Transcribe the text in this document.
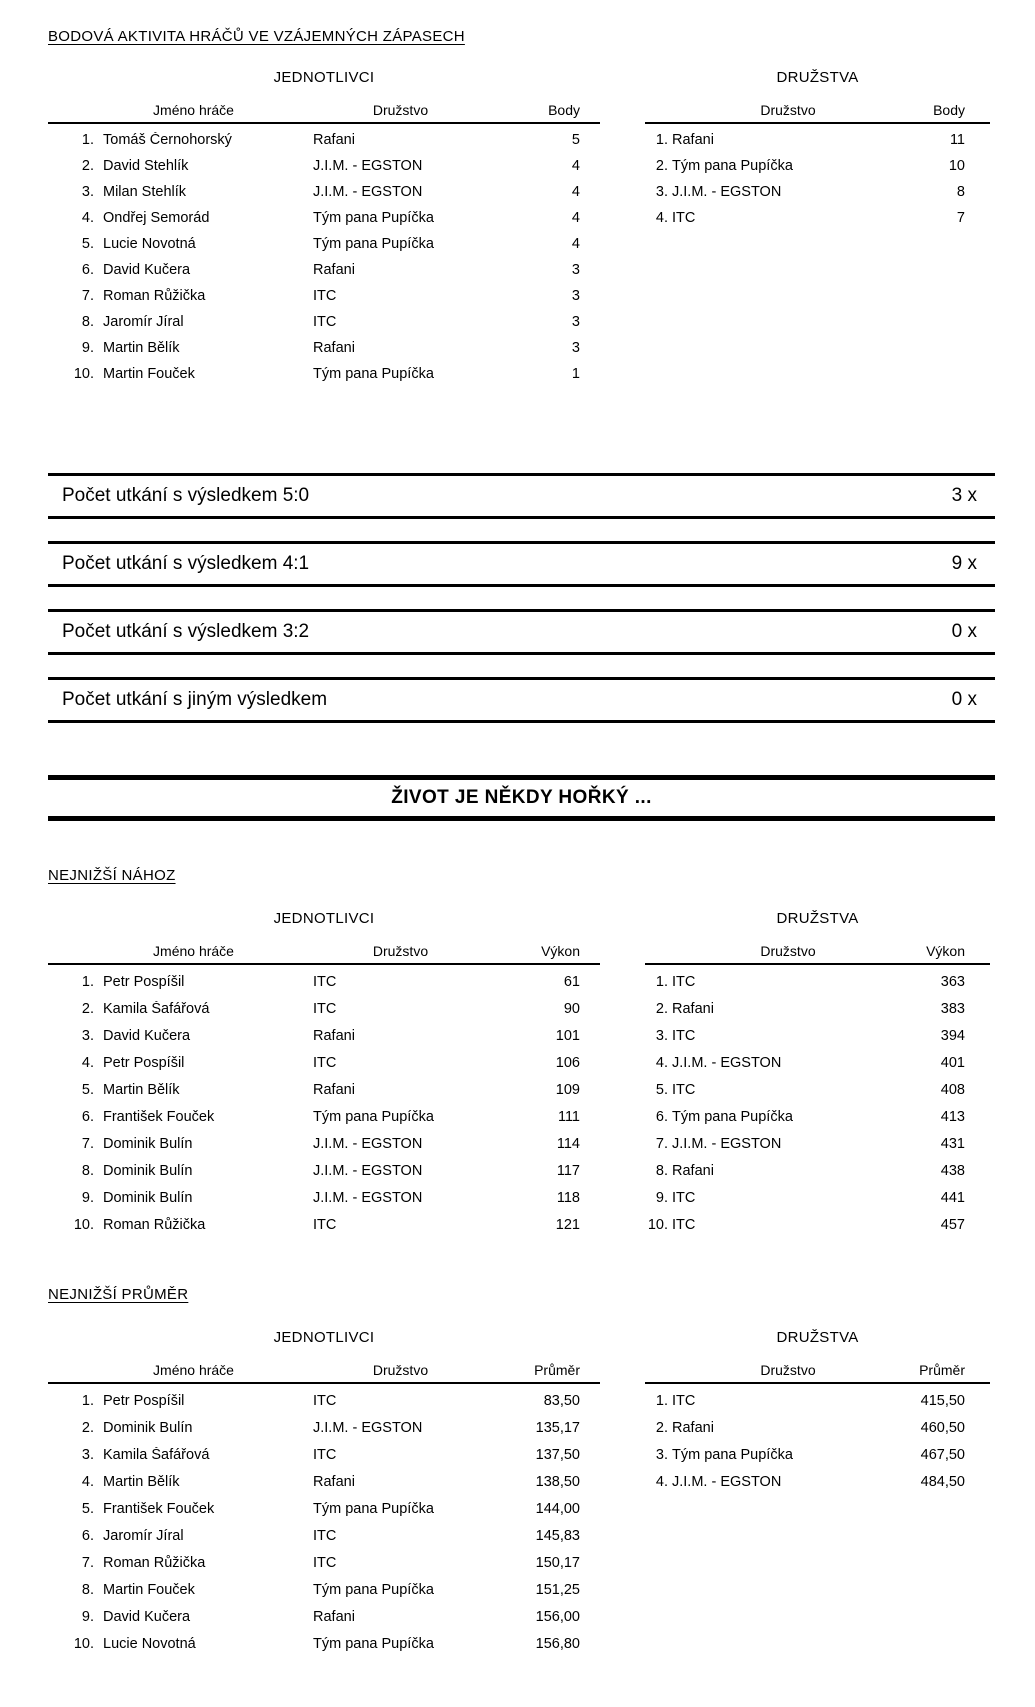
BODOVÁ AKTIVITA HRÁČŮ VE VZÁJEMNÝCH ZÁPASECH
JEDNOTLIVCI
Jméno hráče	Družstvo	Body
1. Tomáš Černohorský	Rafani	5
2. David Stehlík	J.I.M. - EGSTON	4
3. Milan Stehlík	J.I.M. - EGSTON	4
4. Ondřej Semorád	Tým pana Pupíčka	4
5. Lucie Novotná	Tým pana Pupíčka	4
6. David Kučera	Rafani	3
7. Roman Růžička	ITC	3
8. Jaromír Jíral	ITC	3
9. Martin Bělík	Rafani	3
10. Martin Fouček	Tým pana Pupíčka	1
DRUŽSTVA
Družstvo	Body
1. Rafani	11
2. Tým pana Pupíčka	10
3. J.I.M. - EGSTON	8
4. ITC	7
Počet utkání s výsledkem 5:0	3 x
Počet utkání s výsledkem 4:1	9 x
Počet utkání s výsledkem 3:2	0 x
Počet utkání s jiným výsledkem	0 x
ŽIVOT JE NĚKDY HOŘKÝ ...
NEJNIŽŠÍ NÁHOZ
JEDNOTLIVCI
Jméno hráče	Družstvo	Výkon
1. Petr Pospíšil	ITC	61
2. Kamila Šafářová	ITC	90
3. David Kučera	Rafani	101
4. Petr Pospíšil	ITC	106
5. Martin Bělík	Rafani	109
6. František Fouček	Tým pana Pupíčka	111
7. Dominik Bulín	J.I.M. - EGSTON	114
8. Dominik Bulín	J.I.M. - EGSTON	117
9. Dominik Bulín	J.I.M. - EGSTON	118
10. Roman Růžička	ITC	121
DRUŽSTVA
Družstvo	Výkon
1. ITC	363
2. Rafani	383
3. ITC	394
4. J.I.M. - EGSTON	401
5. ITC	408
6. Tým pana Pupíčka	413
7. J.I.M. - EGSTON	431
8. Rafani	438
9. ITC	441
10. ITC	457
NEJNIŽŠÍ PRŮMĚR
JEDNOTLIVCI
Jméno hráče	Družstvo	Průměr
1. Petr Pospíšil	ITC	83,50
2. Dominik Bulín	J.I.M. - EGSTON	135,17
3. Kamila Šafářová	ITC	137,50
4. Martin Bělík	Rafani	138,50
5. František Fouček	Tým pana Pupíčka	144,00
6. Jaromír Jíral	ITC	145,83
7. Roman Růžička	ITC	150,17
8. Martin Fouček	Tým pana Pupíčka	151,25
9. David Kučera	Rafani	156,00
10. Lucie Novotná	Tým pana Pupíčka	156,80
DRUŽSTVA
Družstvo	Průměr
1. ITC	415,50
2. Rafani	460,50
3. Tým pana Pupíčka	467,50
4. J.I.M. - EGSTON	484,50
